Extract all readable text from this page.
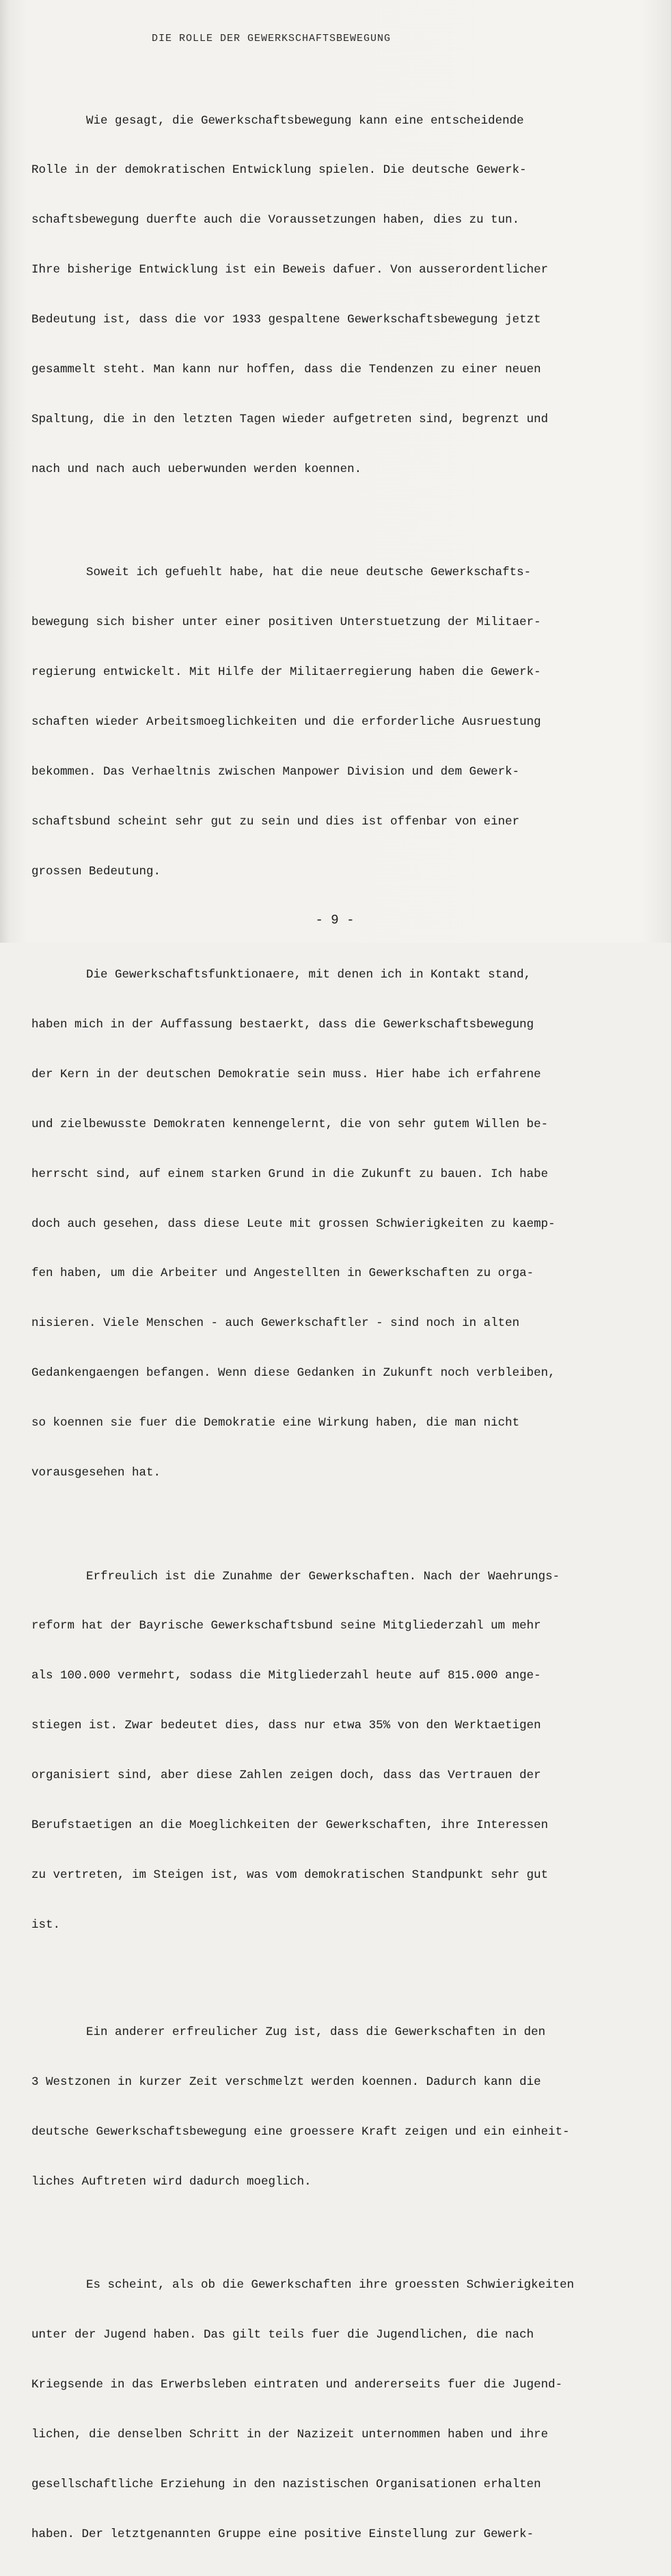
DIE ROLLE DER GEWERKSCHAFTSBEWEGUNG

Wie gesagt, die Gewerkschaftsbewegung kann eine entscheidende

Rolle in der demokratischen Entwicklung spielen. Die deutsche Gewerk-

schaftsbewegung duerfte auch die Voraussetzungen haben, dies zu tun.

Ihre bisherige Entwicklung ist ein Beweis dafuer. Von ausserordentlicher

Bedeutung ist, dass die vor 1933 gespaltene Gewerkschaftsbewegung jetzt

gesammelt steht. Man kann nur hoffen, dass die Tendenzen zu einer neuen

Spaltung, die in den letzten Tagen wieder aufgetreten sind, begrenzt und

nach und nach auch ueberwunden werden koennen.

Soweit ich gefuehlt habe, hat die neue deutsche Gewerkschafts-

bewegung sich bisher unter einer positiven Unterstuetzung der Militaer-

regierung entwickelt. Mit Hilfe der Militaerregierung haben die Gewerk-

schaften wieder Arbeitsmoeglichkeiten und die erforderliche Ausruestung

bekommen. Das Verhaeltnis zwischen Manpower Division und dem Gewerk-

schaftsbund scheint sehr gut zu sein und dies ist offenbar von einer

grossen Bedeutung.

Die Gewerkschaftsfunktionaere, mit denen ich in Kontakt stand,

haben mich in der Auffassung bestaerkt, dass die Gewerkschaftsbewegung

der Kern in der deutschen Demokratie sein muss. Hier habe ich erfahrene

und zielbewusste Demokraten kennengelernt, die von sehr gutem Willen be-

herrscht sind, auf einem starken Grund in die Zukunft zu bauen. Ich habe

doch auch gesehen, dass diese Leute mit grossen Schwierigkeiten zu kaemp-

fen haben, um die Arbeiter und Angestellten in Gewerkschaften zu orga-

nisieren. Viele Menschen - auch Gewerkschaftler - sind noch in alten

Gedankengaengen befangen. Wenn diese Gedanken in Zukunft noch verbleiben,

so koennen sie fuer die Demokratie eine Wirkung haben, die man nicht

vorausgesehen hat.

Erfreulich ist die Zunahme der Gewerkschaften. Nach der Waehrungs-

reform hat der Bayrische Gewerkschaftsbund seine Mitgliederzahl um mehr

als 100.000 vermehrt, sodass die Mitgliederzahl heute auf 815.000 ange-

stiegen ist. Zwar bedeutet dies, dass nur etwa 35% von den Werktaetigen

organisiert sind, aber diese Zahlen zeigen doch, dass das Vertrauen der

Berufstaetigen an die Moeglichkeiten der Gewerkschaften, ihre Interessen

zu vertreten, im Steigen ist, was vom demokratischen Standpunkt sehr gut

ist.

Ein anderer erfreulicher Zug ist, dass die Gewerkschaften in den

3 Westzonen in kurzer Zeit verschmelzt werden koennen. Dadurch kann die

deutsche Gewerkschaftsbewegung eine groessere Kraft zeigen und ein einheit-

liches Auftreten wird dadurch moeglich.

Es scheint, als ob die Gewerkschaften ihre groessten Schwierigkeiten

unter der Jugend haben. Das gilt teils fuer die Jugendlichen, die nach

Kriegsende in das Erwerbsleben eintraten und andererseits fuer die Jugend-

lichen, die denselben Schritt in der Nazizeit unternommen haben und ihre

gesellschaftliche Erziehung in den nazistischen Organisationen erhalten

haben. Der letztgenannten Gruppe eine positive Einstellung zur Gewerk-

- 9 -
